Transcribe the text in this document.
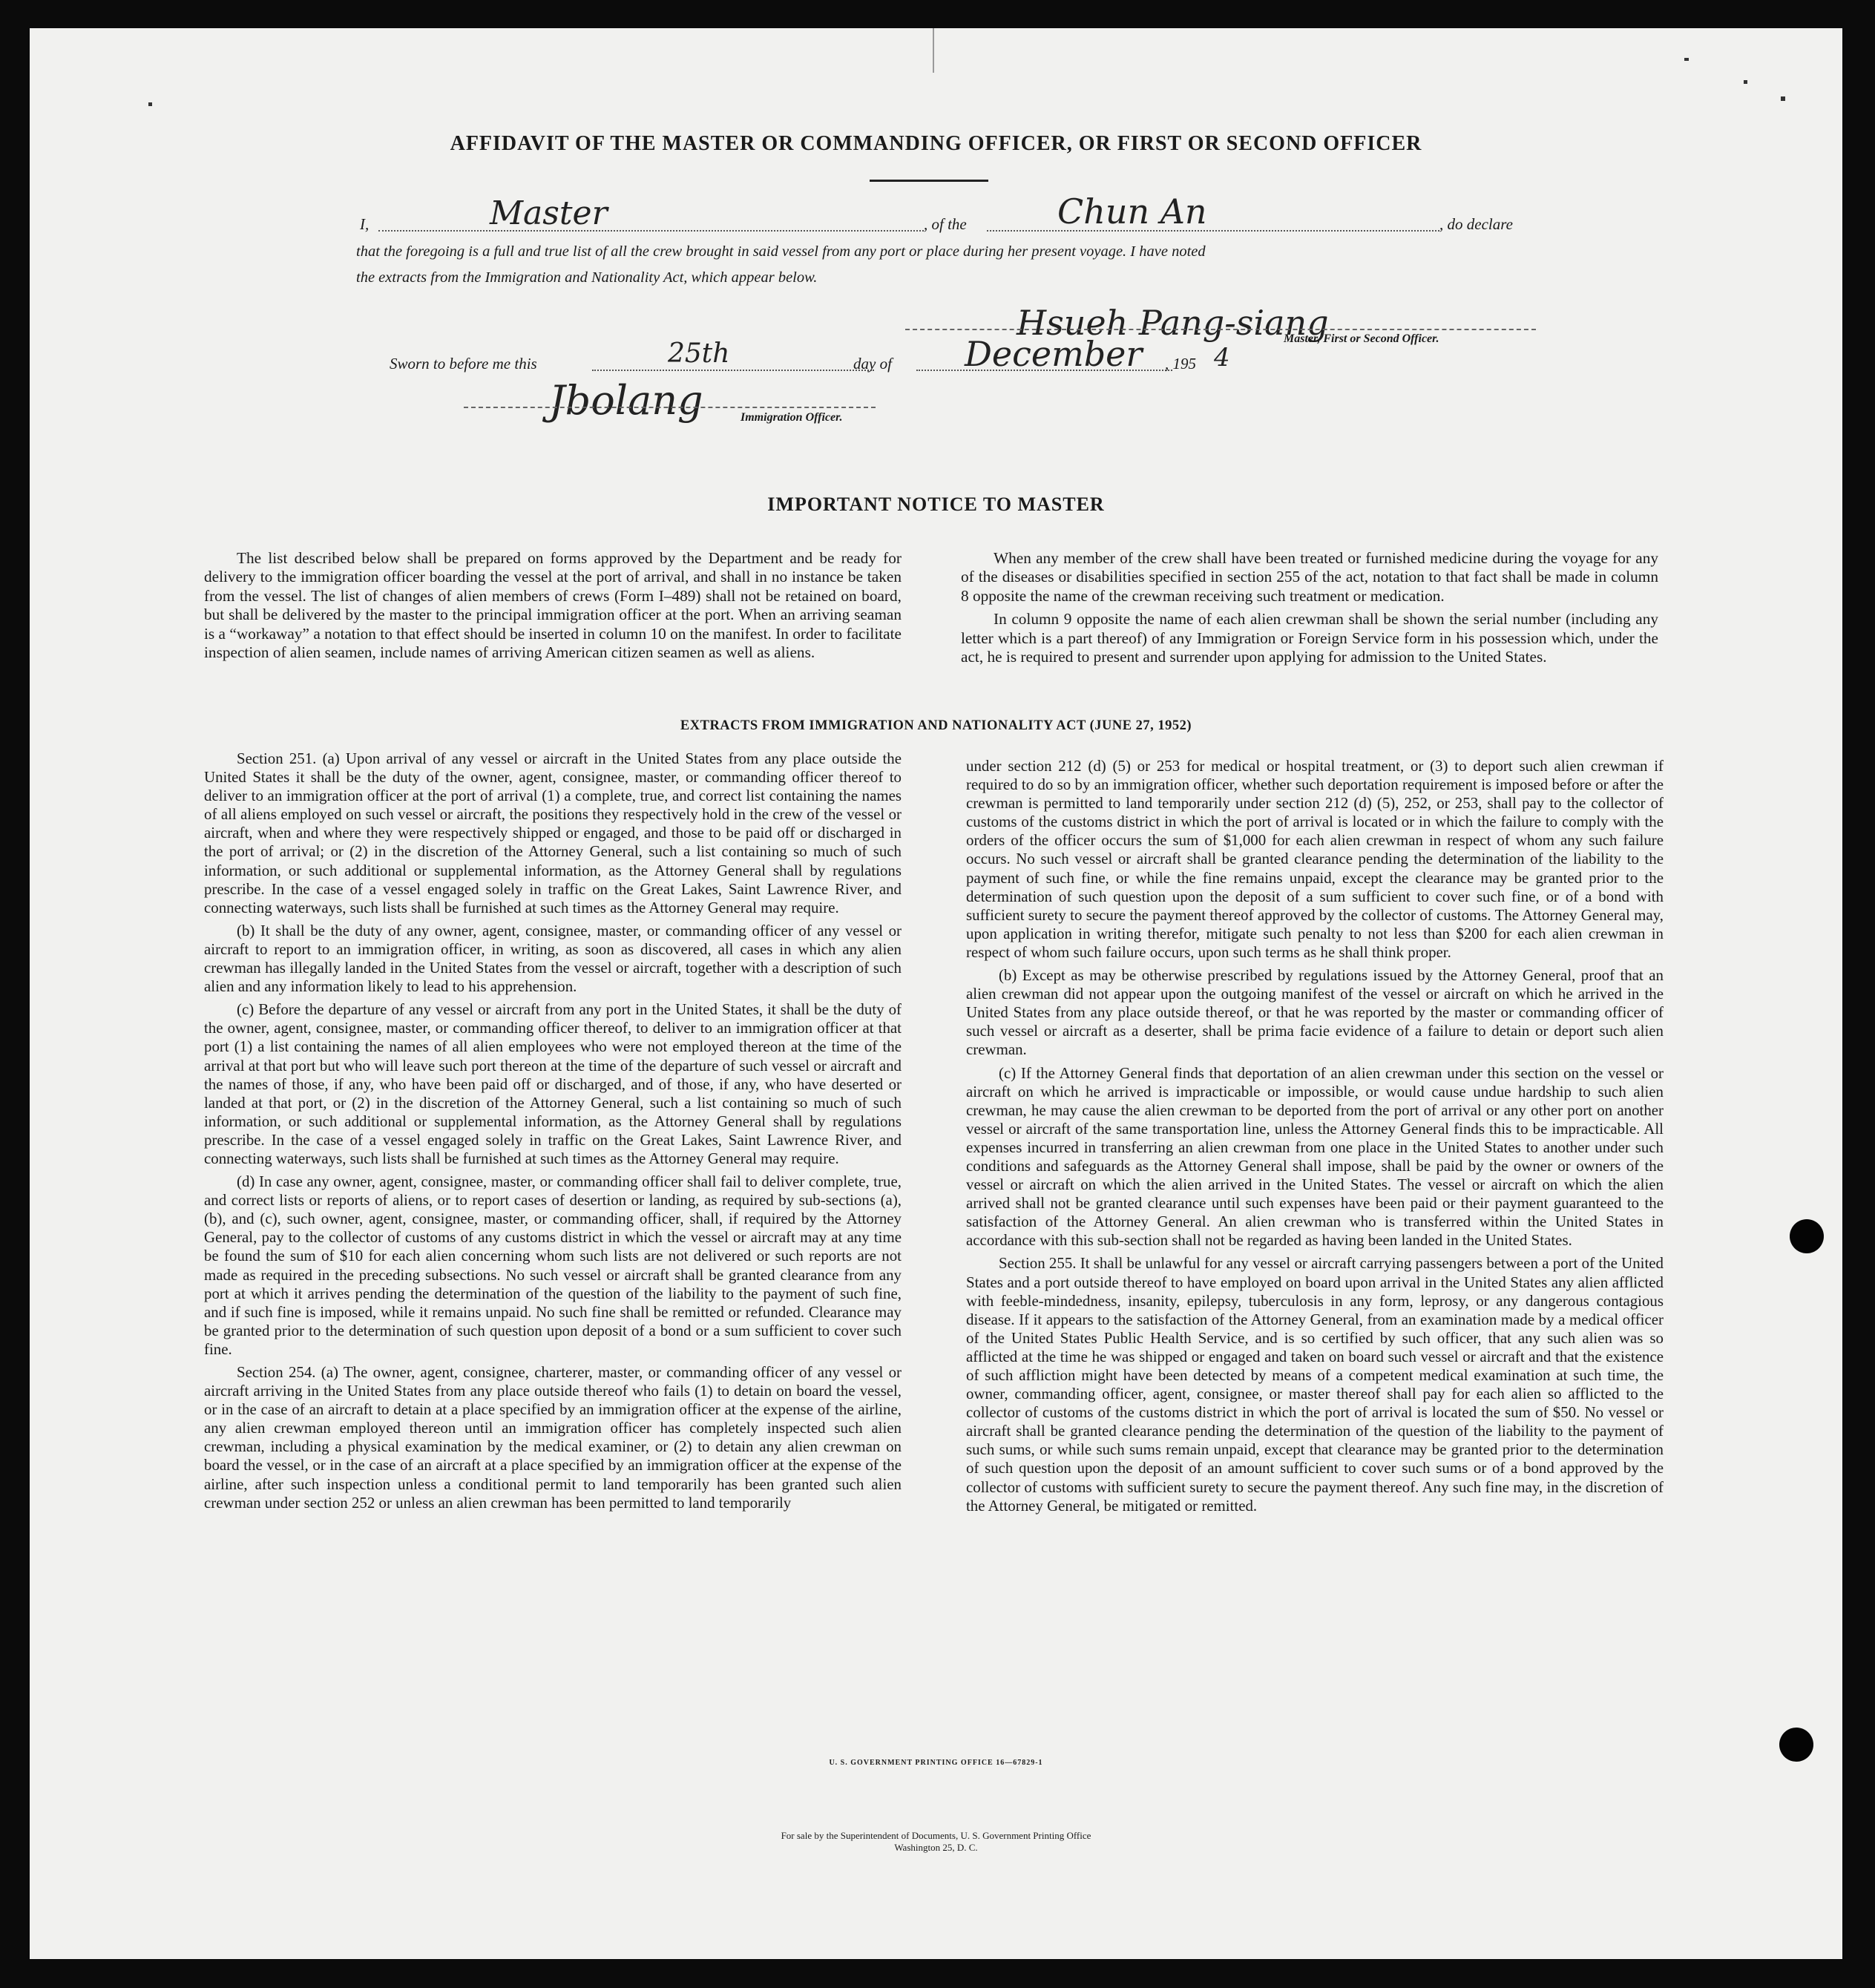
AFFIDAVIT OF THE MASTER OR COMMANDING OFFICER, OR FIRST OR SECOND OFFICER
I,	Master	, of the	Chun An	, do declare
that the foregoing is a full and true list of all the crew brought in said vessel from any port or place during her present voyage. I have noted
the extracts from the Immigration and Nationality Act, which appear below.
Hsueh Pang-siang
Master, First or Second Officer.
Sworn to before me this	25th	day of December , 195 4
Jbolang	Immigration Officer.
IMPORTANT NOTICE TO MASTER

The list described below shall be prepared on forms approved by the Department and be ready for delivery to the immigration officer boarding the vessel at the port of arrival, and shall in no instance be taken from the vessel. The list of changes of alien members of crews (Form I–489) shall not be retained on board, but shall be delivered by the master to the principal immigration officer at the port. When an arriving seaman is a “workaway” a notation to that effect should be inserted in column 10 on the manifest. In order to facilitate inspection of alien seamen, include names of arriving American citizen seamen as well as aliens.

When any member of the crew shall have been treated or furnished medicine during the voyage for any of the diseases or disabilities specified in section 255 of the act, notation to that fact shall be made in column 8 opposite the name of the crewman receiving such treatment or medication.

In column 9 opposite the name of each alien crewman shall be shown the serial number (including any letter which is a part thereof) of any Immigration or Foreign Service form in his possession which, under the act, he is required to present and surrender upon applying for admission to the United States.

EXTRACTS FROM IMMIGRATION AND NATIONALITY ACT (JUNE 27, 1952)

Section 251. (a) Upon arrival of any vessel or aircraft in the United States from any place outside the United States it shall be the duty of the owner, agent, consignee, master, or commanding officer thereof to deliver to an immigration officer at the port of arrival (1) a complete, true, and correct list containing the names of all aliens employed on such vessel or aircraft, the positions they respectively hold in the crew of the vessel or aircraft, when and where they were respectively shipped or engaged, and those to be paid off or discharged in the port of arrival; or (2) in the discretion of the Attorney General, such a list containing so much of such information, or such additional or supplemental information, as the Attorney General shall by regulations prescribe. In the case of a vessel engaged solely in traffic on the Great Lakes, Saint Lawrence River, and connecting waterways, such lists shall be furnished at such times as the Attorney General may require.

(b) It shall be the duty of any owner, agent, consignee, master, or commanding officer of any vessel or aircraft to report to an immigration officer, in writing, as soon as discovered, all cases in which any alien crewman has illegally landed in the United States from the vessel or aircraft, together with a description of such alien and any information likely to lead to his apprehension.

(c) Before the departure of any vessel or aircraft from any port in the United States, it shall be the duty of the owner, agent, consignee, master, or commanding officer thereof, to deliver to an immigration officer at that port (1) a list containing the names of all alien employees who were not employed thereon at the time of the arrival at that port but who will leave such port thereon at the time of the departure of such vessel or aircraft and the names of those, if any, who have been paid off or discharged, and of those, if any, who have deserted or landed at that port, or (2) in the discretion of the Attorney General, such a list containing so much of such information, or such additional or supplemental information, as the Attorney General shall by regulations prescribe. In the case of a vessel engaged solely in traffic on the Great Lakes, Saint Lawrence River, and connecting waterways, such lists shall be furnished at such times as the Attorney General may require.

(d) In case any owner, agent, consignee, master, or commanding officer shall fail to deliver complete, true, and correct lists or reports of aliens, or to report cases of desertion or landing, as required by sub-sections (a), (b), and (c), such owner, agent, consignee, master, or commanding officer, shall, if required by the Attorney General, pay to the collector of customs of any customs district in which the vessel or aircraft may at any time be found the sum of $10 for each alien concerning whom such lists are not delivered or such reports are not made as required in the preceding subsections. No such vessel or aircraft shall be granted clearance from any port at which it arrives pending the determination of the question of the liability to the payment of such fine, and if such fine is imposed, while it remains unpaid. No such fine shall be remitted or refunded. Clearance may be granted prior to the determination of such question upon deposit of a bond or a sum sufficient to cover such fine.

Section 254. (a) The owner, agent, consignee, charterer, master, or commanding officer of any vessel or aircraft arriving in the United States from any place outside thereof who fails (1) to detain on board the vessel, or in the case of an aircraft to detain at a place specified by an immigration officer at the expense of the airline, any alien crewman employed thereon until an immigration officer has completely inspected such alien crewman, including a physical examination by the medical examiner, or (2) to detain any alien crewman on board the vessel, or in the case of an aircraft at a place specified by an immigration officer at the expense of the airline, after such inspection unless a conditional permit to land temporarily has been granted such alien crewman under section 252 or unless an alien crewman has been permitted to land temporarily

under section 212 (d) (5) or 253 for medical or hospital treatment, or (3) to deport such alien crewman if required to do so by an immigration officer, whether such deportation requirement is imposed before or after the crewman is permitted to land temporarily under section 212 (d) (5), 252, or 253, shall pay to the collector of customs of the customs district in which the port of arrival is located or in which the failure to comply with the orders of the officer occurs the sum of $1,000 for each alien crewman in respect of whom any such failure occurs. No such vessel or aircraft shall be granted clearance pending the determination of the liability to the payment of such fine, or while the fine remains unpaid, except the clearance may be granted prior to the determination of such question upon the deposit of a sum sufficient to cover such fine, or of a bond with sufficient surety to secure the payment thereof approved by the collector of customs. The Attorney General may, upon application in writing therefor, mitigate such penalty to not less than $200 for each alien crewman in respect of whom such failure occurs, upon such terms as he shall think proper.

(b) Except as may be otherwise prescribed by regulations issued by the Attorney General, proof that an alien crewman did not appear upon the outgoing manifest of the vessel or aircraft on which he arrived in the United States from any place outside thereof, or that he was reported by the master or commanding officer of such vessel or aircraft as a deserter, shall be prima facie evidence of a failure to detain or deport such alien crewman.

(c) If the Attorney General finds that deportation of an alien crewman under this section on the vessel or aircraft on which he arrived is impracticable or impossible, or would cause undue hardship to such alien crewman, he may cause the alien crewman to be deported from the port of arrival or any other port on another vessel or aircraft of the same transportation line, unless the Attorney General finds this to be impracticable. All expenses incurred in transferring an alien crewman from one place in the United States to another under such conditions and safeguards as the Attorney General shall impose, shall be paid by the owner or owners of the vessel or aircraft on which the alien arrived in the United States. The vessel or aircraft on which the alien arrived shall not be granted clearance until such expenses have been paid or their payment guaranteed to the satisfaction of the Attorney General. An alien crewman who is transferred within the United States in accordance with this sub-section shall not be regarded as having been landed in the United States.

Section 255. It shall be unlawful for any vessel or aircraft carrying passengers between a port of the United States and a port outside thereof to have employed on board upon arrival in the United States any alien afflicted with feeble-mindedness, insanity, epilepsy, tuberculosis in any form, leprosy, or any dangerous contagious disease. If it appears to the satisfaction of the Attorney General, from an examination made by a medical officer of the United States Public Health Service, and is so certified by such officer, that any such alien was so afflicted at the time he was shipped or engaged and taken on board such vessel or aircraft and that the existence of such affliction might have been detected by means of a competent medical examination at such time, the owner, commanding officer, agent, consignee, or master thereof shall pay for each alien so afflicted to the collector of customs of the customs district in which the port of arrival is located the sum of $50. No vessel or aircraft shall be granted clearance pending the determination of the question of the liability to the payment of such sums, or while such sums remain unpaid, except that clearance may be granted prior to the determination of such question upon the deposit of an amount sufficient to cover such sums or of a bond approved by the collector of customs with sufficient surety to secure the payment thereof. Any such fine may, in the discretion of the Attorney General, be mitigated or remitted.

U. S. GOVERNMENT PRINTING OFFICE 16—67829-1
For sale by the Superintendent of Documents, U. S. Government Printing Office
Washington 25, D. C.
